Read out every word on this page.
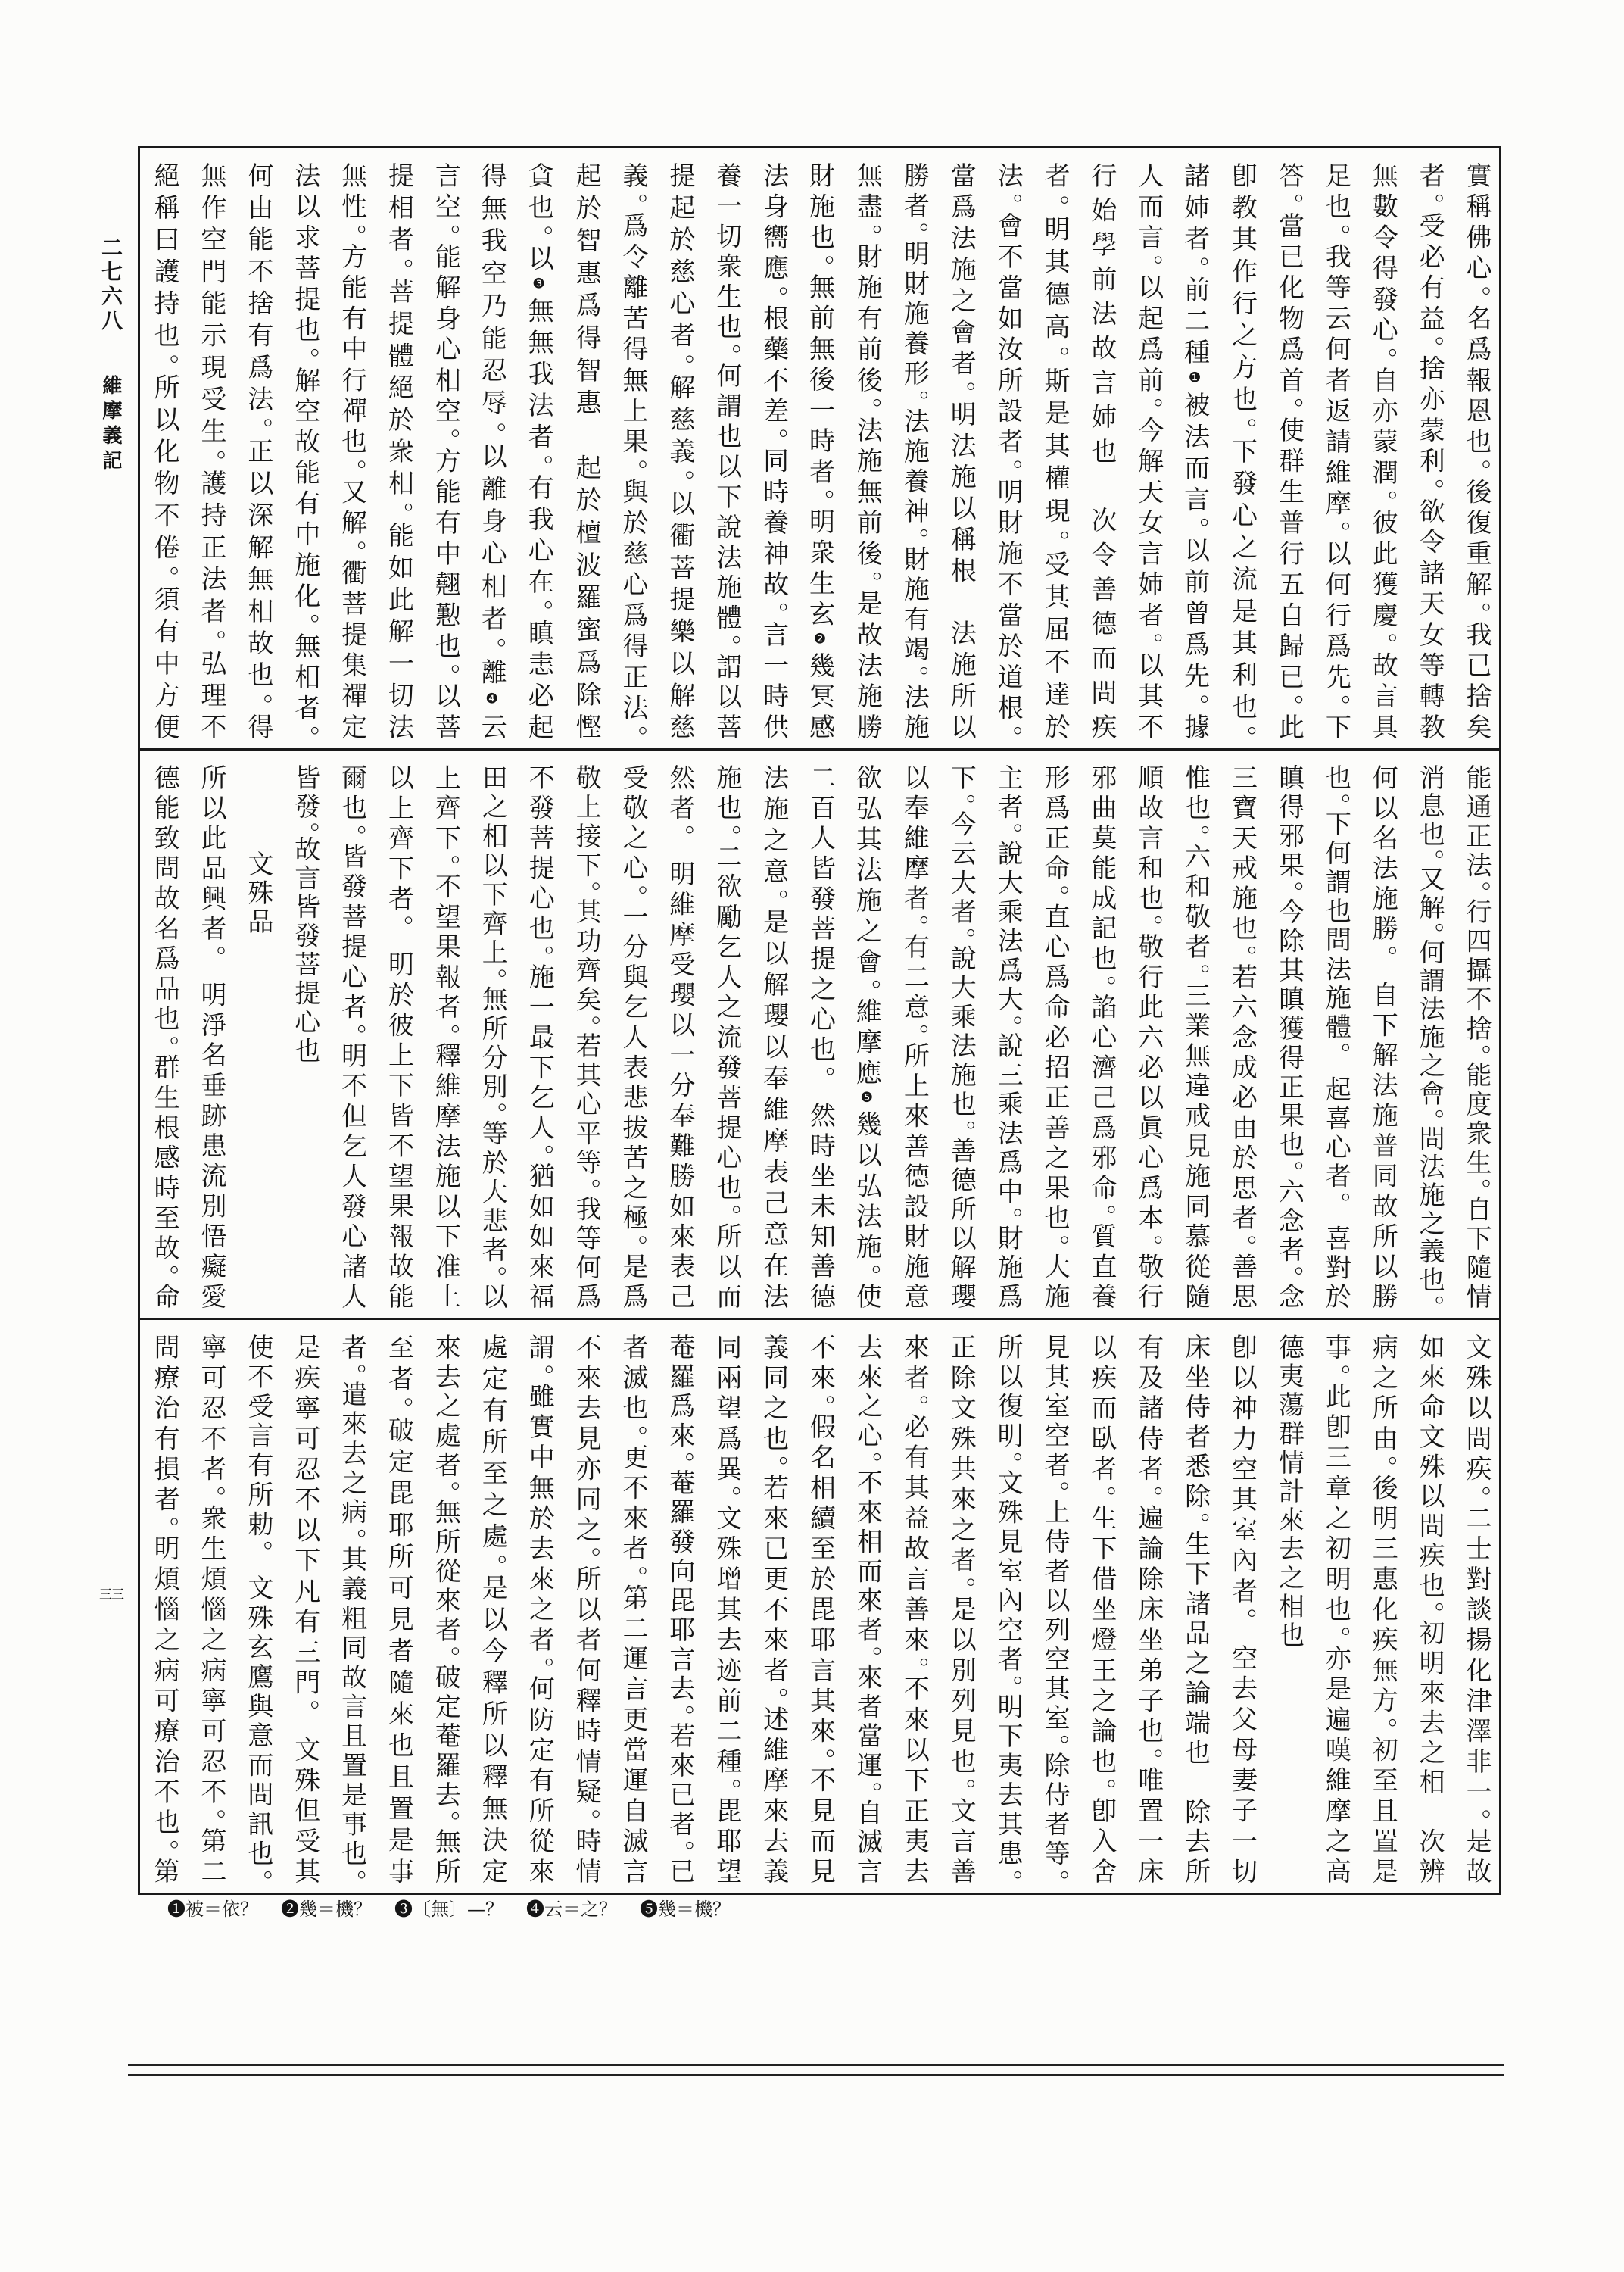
二七六八
維摩義記
三三
實稱佛心。名爲報恩也。後復重解。我已捨矣
者。受必有益。捨亦蒙利。欲令諸天女等轉教
無數令得發心。自亦蒙潤。彼此獲慶。故言具
足也。我等云何者返請維摩。以何行爲先。下
答。當已化物爲首。使群生普行五自歸已。此
卽教其作行之方也。下發心之流是其利也。
諸姉者。前二種❶被法而言。以前曾爲先。據
人而言。以起爲前。今解天女言姉者。以其不
行始學前法故言姉也　次令善德而問疾
者。明其德高。斯是其權現。受其屈不達於
法。會不當如汝所設者。明財施不當於道根。
當爲法施之會者。明法施以稱根　法施所以
勝者。明財施養形。法施養神。財施有竭。法施
無盡。財施有前後。法施無前後。是故法施勝
財施也。無前無後一時者。明衆生玄❷幾冥感
法身嚮應。根藥不差。同時養神故。言一時供
養一切衆生也。何謂也以下說法施體。謂以菩
提起於慈心者。解慈義。以衢菩提樂以解慈
義。爲令離苦得無上果。與於慈心爲得正法。
起於智惠爲得智惠　起於檀波羅蜜爲除慳
貪也。以❸無無我法者。有我心在。瞋恚必起
得無我空乃能忍辱。以離身心相者。離❹云
言空。能解身心相空。方能有中翹懃也。以菩
提相者。菩提體絕於衆相。能如此解一切法
無性。方能有中行禪也。又解。衢菩提集禪定
法以求菩提也。解空故能有中施化。無相者。
何由能不捨有爲法。正以深解無相故也。得
無作空門能示現受生。護持正法者。弘理不
絕稱曰護持也。所以化物不倦。須有中方便
能通正法。行四攝不捨。能度衆生。自下隨情
消息也。又解。何謂法施之會。問法施之義也。
何以名法施勝。　自下解法施普同故所以勝
也。下何謂也問法施體。　起喜心者。　喜對於
瞋得邪果。今除其瞋獲得正果也。六念者。念
三寶天戒施也。若六念成必由於思者。善思
惟也。六和敬者。三業無違戒見施同慕從隨
順故言和也。敬行此六必以眞心爲本。敬行
邪曲莫能成記也。諂心濟己爲邪命。質直養
形爲正命。直心爲命必招正善之果也。大施
主者。說大乘法爲大。說三乘法爲中。財施爲
下。今云大者。說大乘法施也。善德所以解瓔
以奉維摩者。有二意。所上來善德設財施意
欲弘其法施之會。維摩應❺幾以弘法施。使
二百人皆發菩提之心也。　然時坐未知善德
法施之意。是以解瓔以奉維摩表己意在法
施也。二欲勵乞人之流發菩提心也。所以而
然者。　明維摩受瓔以一分奉難勝如來表己
受敬之心。一分與乞人表悲拔苦之極。是爲
敬上接下。其功齊矣。若其心平等。我等何爲
不發菩提心也。施一最下乞人。猶如如來福
田之相以下齊上。無所分別。等於大悲者。以
上齊下。不望果報者。釋維摩法施以下准上
以上齊下者。　明於彼上下皆不望果報故能
爾也。皆發菩提心者。明不但乞人發心諸人
皆發。故言皆發菩提心也
　　　文殊品
所以此品興者。　明淨名垂跡患流別悟癡愛
德能致問故名爲品也。群生根感時至故。命
文殊以問疾。二士對談揚化津澤非一。是故
如來命文殊以問疾也。初明來去之相　次辨
病之所由。後明三惠化疾無方。初至且置是
事。此卽三章之初明也。亦是遍嘆維摩之高
德夷蕩群情計來去之相也
卽以神力空其室內者。　空去父母妻子一切
床坐侍者悉除。生下諸品之論端也　除去所
有及諸侍者。遍論除床坐弟子也。唯置一床
以疾而臥者。生下借坐燈王之論也。卽入舍
見其室空者。上侍者以列空其室。除侍者等。
所以復明。文殊見室內空者。明下夷去其患。
正除文殊共來之者。是以別列見也。文言善
來者。必有其益故言善來。不來以下正夷去
去來之心。不來相而來者。來者當運。自滅言
不來。假名相續至於毘耶言其來。不見而見
義同之也。若來已更不來者。述維摩來去義
同兩望爲異。文殊增其去迹前二種。毘耶望
菴羅爲來。菴羅發向毘耶言去。若來已者。已
者滅也。更不來者。第二運言更當運自滅言
不來去見亦同之。所以者何釋時情疑。時情
謂。雖實中無於去來之者。何防定有所從來
處定有所至之處。是以今釋所以釋無決定
來去之處者。無所從來者。破定菴羅去。無所
至者。破定毘耶所可見者隨來也且置是事
者。遣來去之病。其義粗同故言且置是事也。
是疾寧可忍不以下凡有三門。　文殊但受其
使不受言有所勅。　文殊玄鷹與意而問訊也。
寧可忍不者。衆生煩惱之病寧可忍不。第二
問療治有損者。明煩惱之病可療治不也。第
❶被＝依？ ❷幾＝機？ ❸〔無〕—？ ❹云＝之？ ❺幾＝機？
